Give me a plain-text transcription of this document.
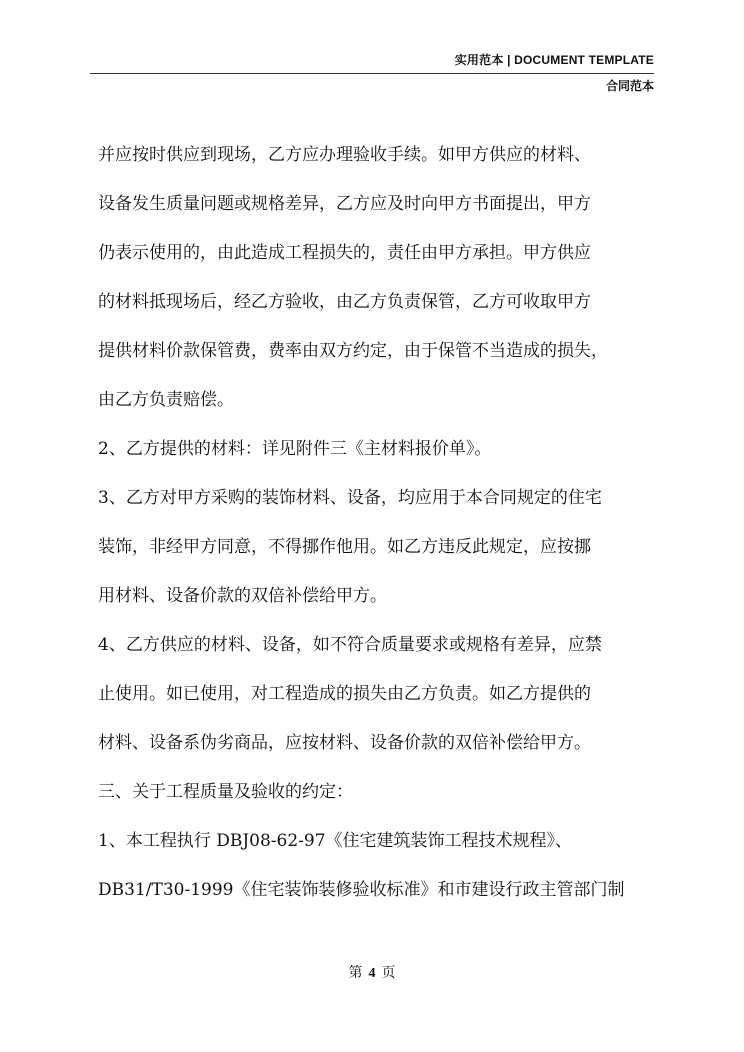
实用范本 | DOCUMENT TEMPLATE
合同范本
并应按时供应到现场，乙方应办理验收手续。如甲方供应的材料、
设备发生质量问题或规格差异，乙方应及时向甲方书面提出，甲方
仍表示使用的，由此造成工程损失的，责任由甲方承担。甲方供应
的材料抵现场后，经乙方验收，由乙方负责保管，乙方可收取甲方
提供材料价款保管费，费率由双方约定，由于保管不当造成的损失，
由乙方负责赔偿。
2、乙方提供的材料：详见附件三《主材料报价单》。
3、乙方对甲方采购的装饰材料、设备，均应用于本合同规定的住宅
装饰，非经甲方同意，不得挪作他用。如乙方违反此规定，应按挪
用材料、设备价款的双倍补偿给甲方。
4、乙方供应的材料、设备，如不符合质量要求或规格有差异，应禁
止使用。如已使用，对工程造成的损失由乙方负责。如乙方提供的
材料、设备系伪劣商品，应按材料、设备价款的双倍补偿给甲方。
三、关于工程质量及验收的约定：
1、本工程执行 DBJ08-62-97《住宅建筑装饰工程技术规程》、
DB31/T30-1999《住宅装饰装修验收标准》和市建设行政主管部门制
第 4 页
